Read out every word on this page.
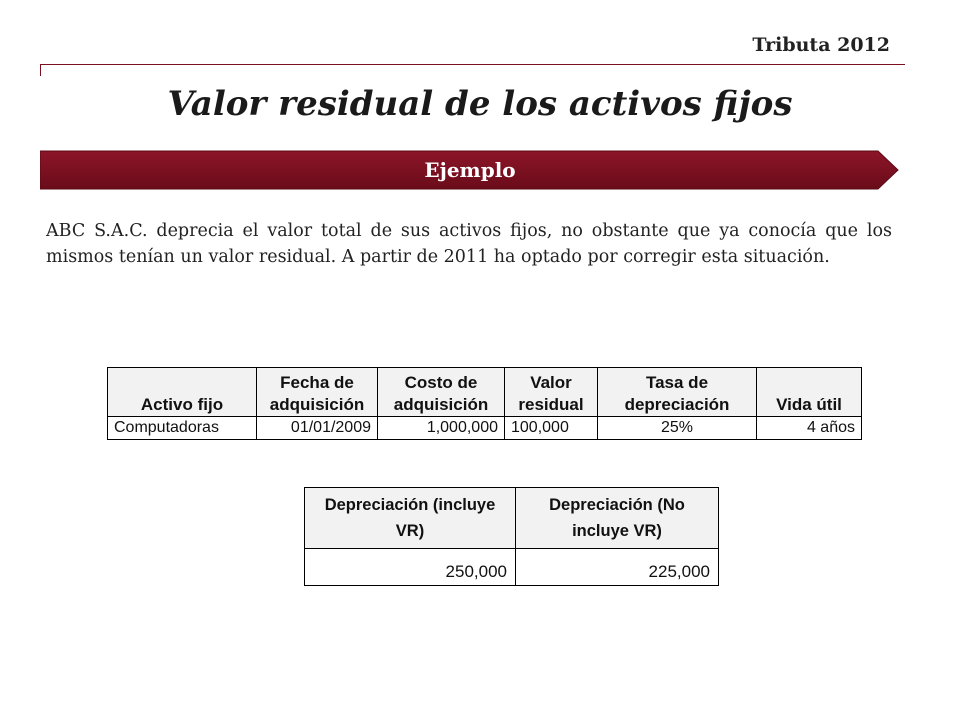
Tributa 2012
Valor residual de los activos fijos
Ejemplo

ABC S.A.C. deprecia el valor total de sus activos fijos, no obstante que ya conocía que los mismos tenían un valor residual. A partir de 2011 ha optado por corregir esta situación.

Activo fijo	Fecha de adquisición	Costo de adquisición	Valor residual	Tasa de depreciación	Vida útil
Computadoras	01/01/2009	1,000,000	100,000	25%	4 años
Depreciación (incluye VR)	Depreciación (No incluye VR)
250,000	225,000
